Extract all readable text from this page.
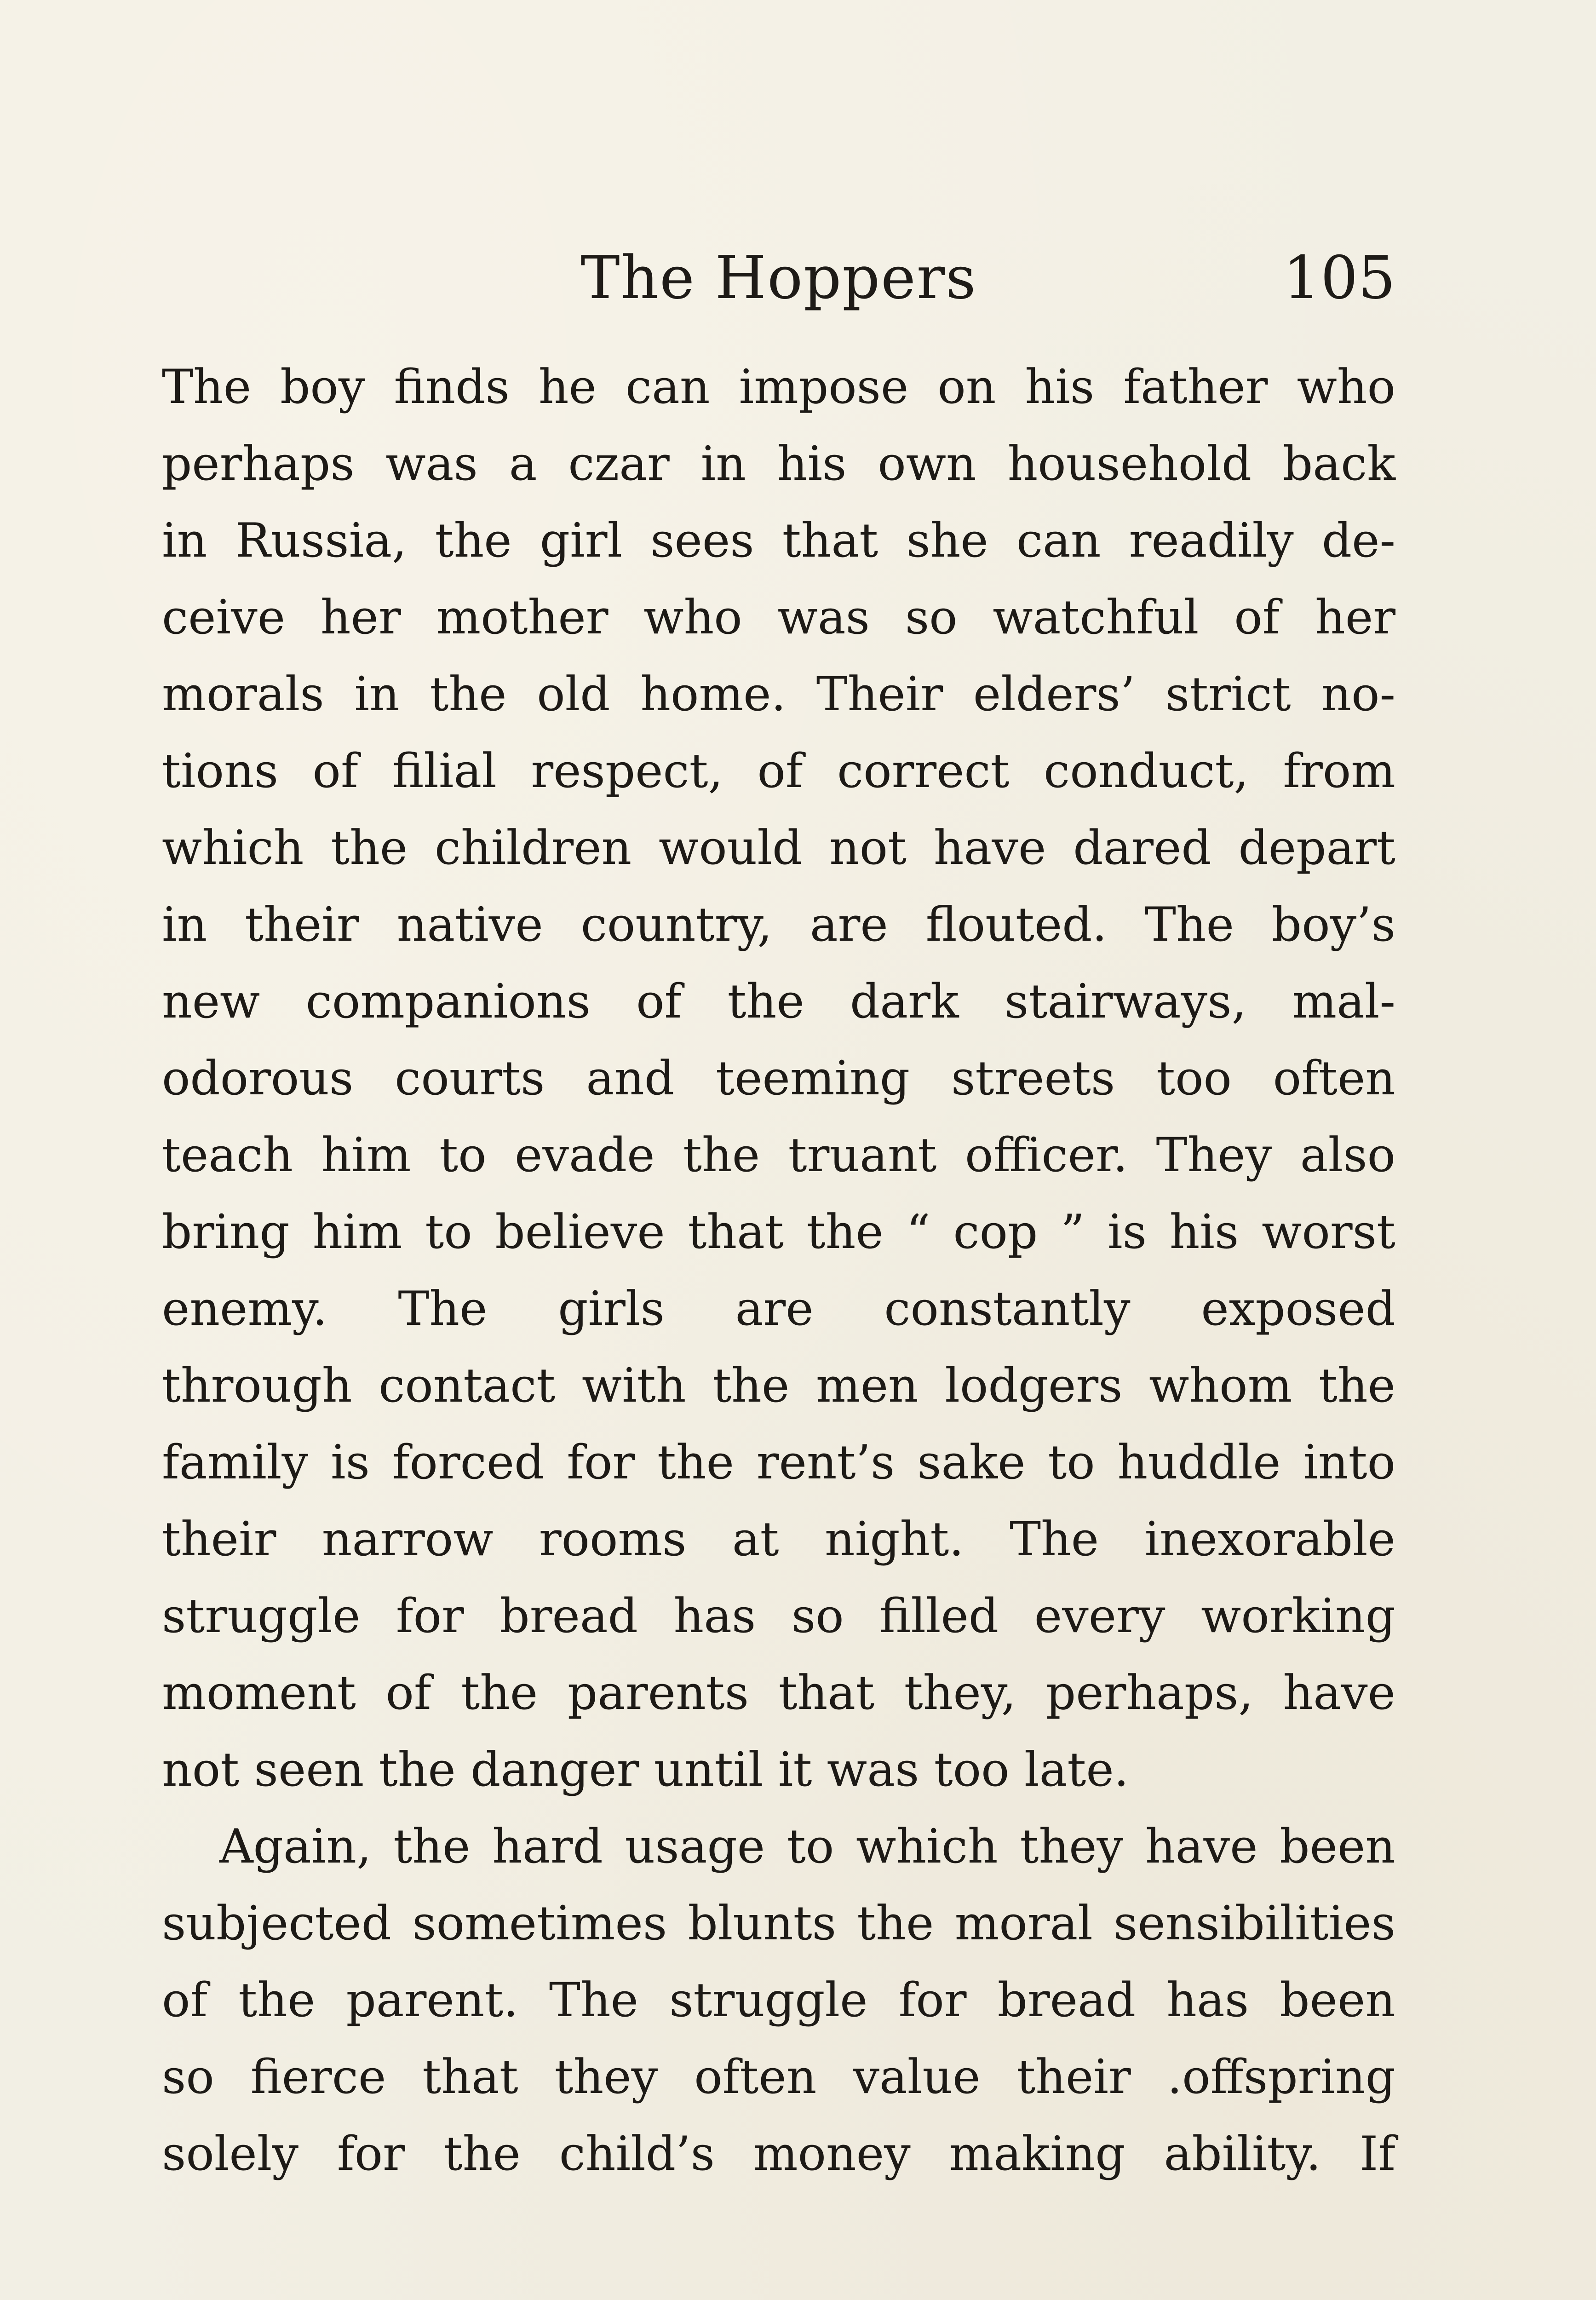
The Hoppers	105

The boy finds he can impose on his father who
perhaps was a czar in his own household back
in Russia, the girl sees that she can readily de-
ceive her mother who was so watchful of her
morals in the old home. Their elders’ strict no-
tions of filial respect, of correct conduct, from
which the children would not have dared depart
in their native country, are flouted. The boy’s
new companions of the dark stairways, mal-
odorous courts and teeming streets too often
teach him to evade the truant officer. They also
bring him to believe that the “ cop ” is his worst
enemy. The girls are constantly exposed
through contact with the men lodgers whom the
family is forced for the rent’s sake to huddle into
their narrow rooms at night. The inexorable
struggle for bread has so filled every working
moment of the parents that they, perhaps, have
not seen the danger until it was too late.

Again, the hard usage to which they have been
subjected sometimes blunts the moral sensibilities
of the parent. The struggle for bread has been
so fierce that they often value their .offspring
solely for the child’s money making ability. If
